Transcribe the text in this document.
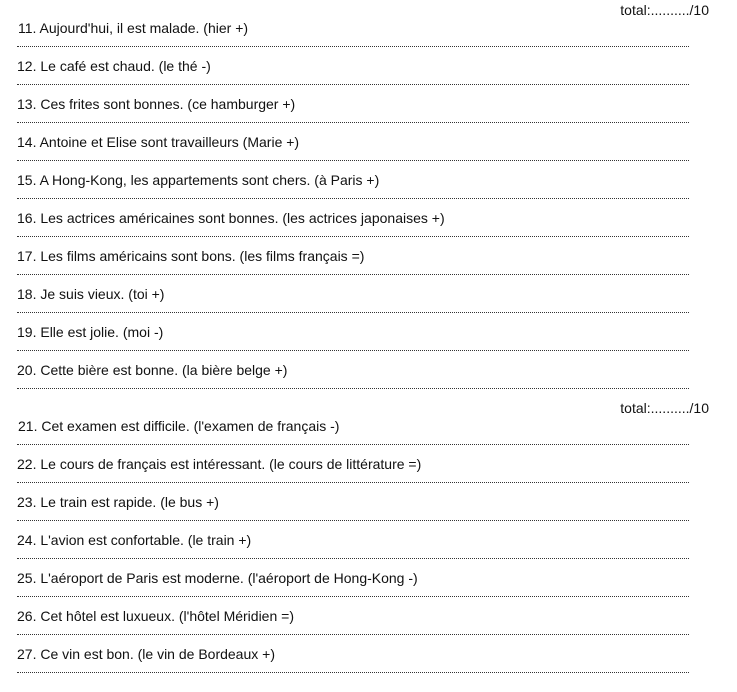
total:........../10
11. Aujourd'hui, il est malade. (hier +)
12. Le café est chaud. (le thé -)
13. Ces frites sont bonnes. (ce hamburger +)
14. Antoine et Elise sont travailleurs (Marie +)
15. A Hong-Kong, les appartements sont chers. (à Paris +)
16. Les actrices américaines sont bonnes. (les actrices japonaises +)
17. Les films américains sont bons. (les films français =)
18. Je suis vieux. (toi +)
19. Elle est jolie. (moi -)
20. Cette bière est bonne. (la bière belge +)
total:........../10
21. Cet examen est difficile. (l'examen de français -)
22. Le cours de français est intéressant. (le cours de littérature =)
23. Le train est rapide. (le bus +)
24. L'avion est confortable. (le train +)
25. L'aéroport de Paris est moderne. (l'aéroport de Hong-Kong -)
26. Cet hôtel est luxueux. (l'hôtel Méridien =)
27. Ce vin est bon. (le vin de Bordeaux +)
